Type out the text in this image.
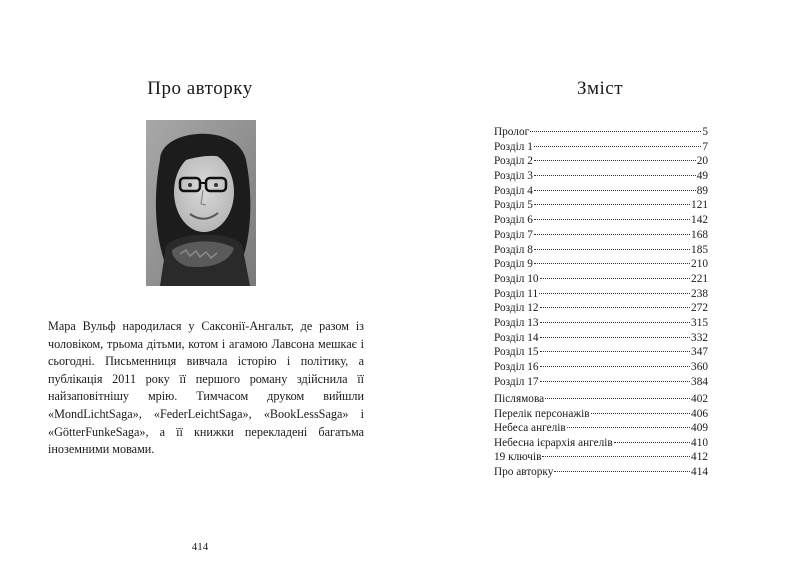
Про авторку

Мара Вульф народилася у Саксонії-Ангальт, де разом із чоловіком, трьома дітьми, котом і агамою Лавсона мешкає і сьогодні. Письменниця вивчала історію і політику, а публікація 2011 року її першого роману здійснила її найзаповітнішу мрію. Тимчасом друком вийшли «MondLichtSaga», «FederLeichtSaga», «BookLessSaga» і «GötterFunkeSaga», а її книжки перекладені багатьма іноземними мовами.

414
Зміст
Пролог	5
Розділ 1	7
Розділ 2	20
Розділ 3	49
Розділ 4	89
Розділ 5	121
Розділ 6	142
Розділ 7	168
Розділ 8	185
Розділ 9	210
Розділ 10	221
Розділ 11	238
Розділ 12	272
Розділ 13	315
Розділ 14	332
Розділ 15	347
Розділ 16	360
Розділ 17	384
Післямова	402
Перелік персонажів	406
Небеса ангелів	409
Небесна ієрархія ангелів	410
19 ключів	412
Про авторку	414
